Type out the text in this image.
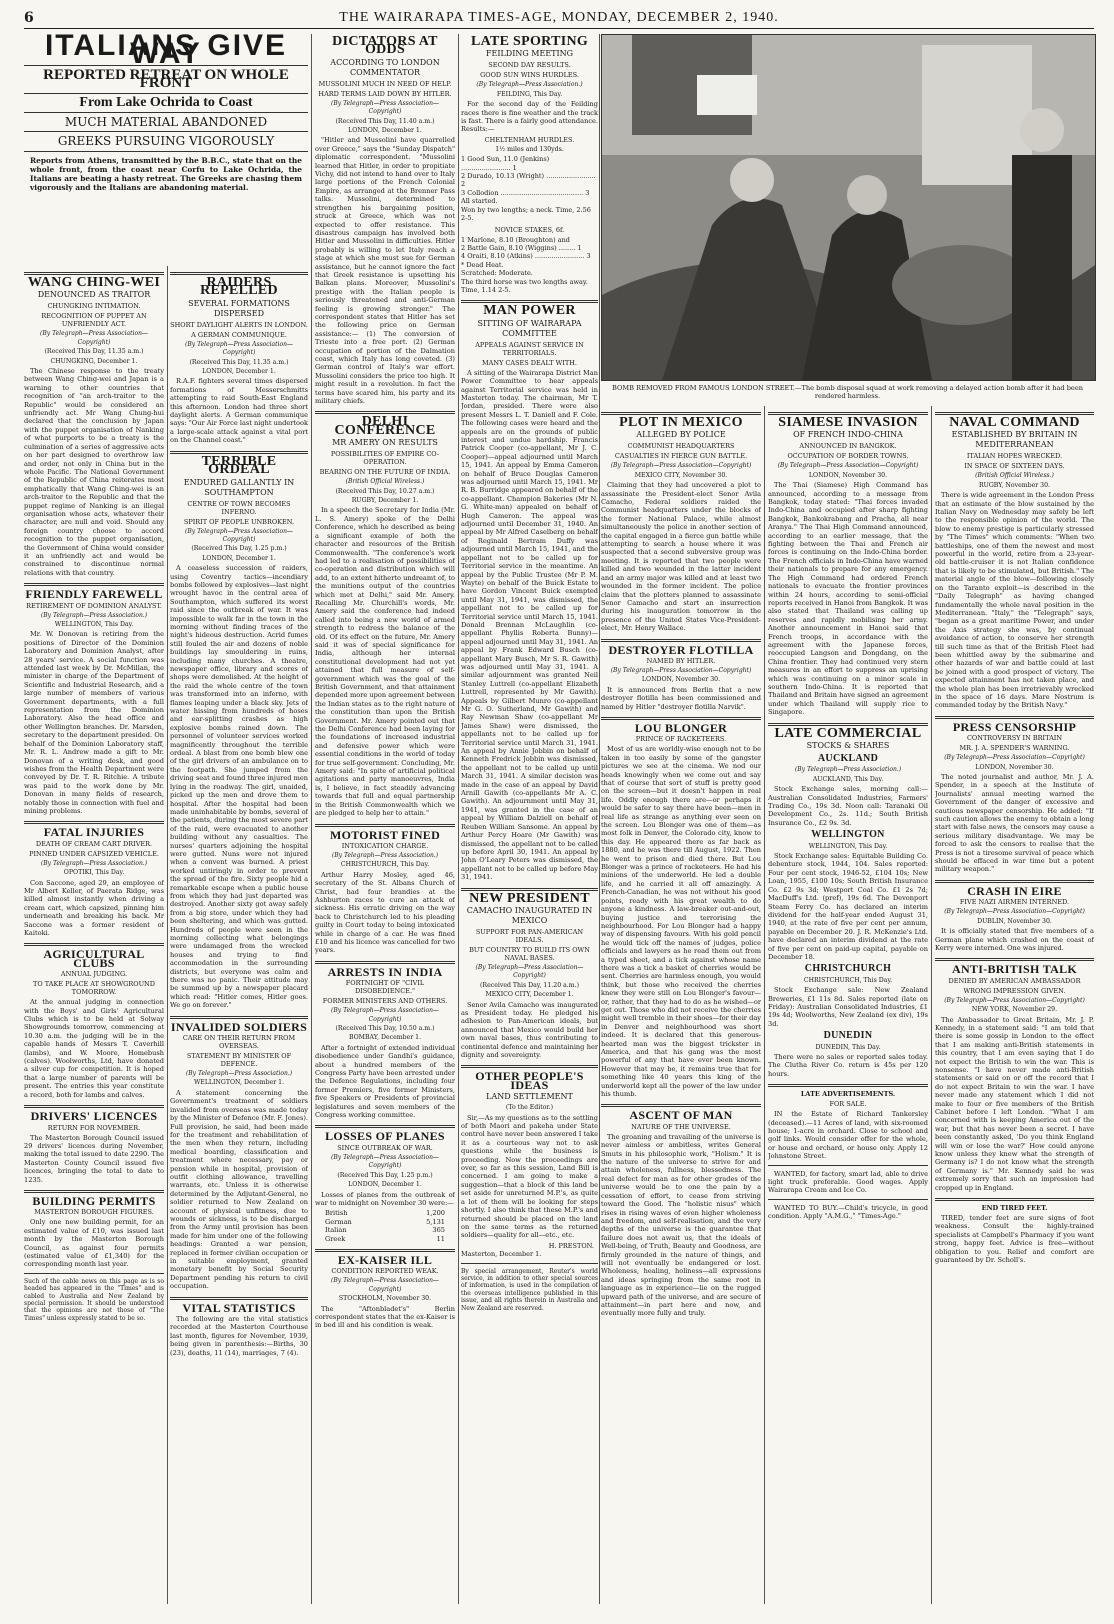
6	THE WAIRARAPA TIMES-AGE, MONDAY, DECEMBER 2, 1940.
ITALIANS GIVE WAY
REPORTED RETREAT ON WHOLE FRONT
From Lake Ochrida to Coast
MUCH MATERIAL ABANDONED
GREEKS PURSUING VIGOROUSLY
Reports from Athens, transmitted by the B.B.C., state that on the whole front, from the coast near Corfu to Lake Ochrida, the Italians are beating a hasty retreat. The Greeks are chasing them vigorously and the Italians are abandoning material.
WANG CHING-WEI
DENOUNCED AS TRAITOR
CHUNGKING INTIMATION.
RECOGNITION OF PUPPET AN UNFRIENDLY ACT.
(By Telegraph—Press Association—Copyright)
(Received This Day, 11.35 a.m.)
CHUNGKING, December 1.

The Chinese response to the treaty between Wang Ching-wei and Japan is a warning to other countries that recognition of "an arch-traitor to the Republic" would be considered an unfriendly act. Mr Wang Chung-hui declared that the conclusion by Japan with the puppet organisation of Nanking of what purports to be a treaty is the culmination of a series of aggressive acts on her part designed to overthrow law and order, not only in China but in the whole Pacific. The National Government of the Republic of China reiterates most emphatically that Wang Ching-wei is an arch-traitor to the Republic and that the puppet regime of Nanking is an illegal organisation whose acts, whatever their character, are null and void. Should any foreign country choose to accord recognition to the puppet organisation, the Government of China would consider it an unfriendly act and would be constrained to discontinue normal relations with that country.

FRIENDLY FAREWELL
RETIREMENT OF DOMINION ANALYST.
(By Telegraph—Press Association.)
WELLINGTON, This Day.

Mr. W. Donovan is retiring from the positions of Director of the Dominion Laboratory and Dominion Analyst, after 28 years' service. A social function was attended last week by Dr. McMillan, the minister in charge of the Department of Scientific and Industrial Research, and a large number of members of various Government departments, with a full representation from the Dominion Laboratory. Also the head office and other Wellington branches. Dr. Marsden, secretary to the department presided. On behalf of the Dominion Laboratory staff, Mr. R. L. Andrew made a gift to Mr. Donovan of a writing desk, and good wishes from the Health Department were conveyed by Dr. T. R. Ritchie. A tribute was paid to the work done by Mr. Donovan in many fields of research, notably those in connection with fuel and mining problems.

FATAL INJURIES
DEATH OF CREAM CART DRIVER.
PINNED UNDER CAPSIZED VEHICLE.
(By Telegraph—Press Association.)
OPOTIKI, This Day.

Con Saccone, aged 29, an employee of Mr Albert Keller, of Paerata Ridge, was killed almost instantly when driving a cream cart, which capsized, pinning him underneath and breaking his back. Mr Saccone was a former resident of Kaitoki.

AGRICULTURAL CLUBS
ANNUAL JUDGING.
TO TAKE PLACE AT SHOWGROUND TOMORROW.

At the annual judging in connection with the Boys' and Girls' Agricultural Clubs which is to be held at Solway Showgrounds tomorrow, commencing at 10.30 a.m. the judging will be in the capable hands of Messrs T. Caverhill (lambs), and W. Moore, Homebush (calves). Woolworths, Ltd, have donated a silver cup for competition. It is hoped that a large number of parents will be present. The entries this year constitute a record, both for lambs and calves.

DRIVERS' LICENCES
RETURN FOR NOVEMBER.

The Masterton Borough Council issued 29 drivers' licences during November, making the total issued to date 2290. The Masterton County Council issued five licences, bringing the total to date to 1235.

BUILDING PERMITS
MASTERTON BOROUGH FIGURES.

Only one new building permit, for an estimated value of £10, was issued last month by the Masterton Borough Council, as against four permits (estimated value of £1,340) for the corresponding month last year.

Such of the cable news on this page as is so headed has appeared in the "Times" and is cabled to Australia and New Zealand by special permission. It should be understood that the opinions are not those of "The Times" unless expressly stated to be so.
RAIDERS REPELLED
SEVERAL FORMATIONS DISPERSED
SHORT DAYLIGHT ALERTS IN LONDON.
A GERMAN COMMUNIQUE.
(By Telegraph—Press Association—Copyright)
(Received This Day, 11.35 a.m.)
LONDON, December 1.

R.A.F. fighters several times dispersed formations of Messerschmitts attempting to raid South-East England this afternoon. London had three short daylight alerts. A German communique says: "Our Air Force last night undertook a large-scale attack against a vital port on the Channel coast."

TERRIBLE ORDEAL
ENDURED GALLANTLY IN SOUTHAMPTON
CENTRE OF TOWN BECOMES INFERNO.
SPIRIT OF PEOPLE UNBROKEN.
(By Telegraph—Press Association—Copyright)
(Received This Day, 1.25 p.m.)
LONDON, December 1.

A ceaseless succession of raiders, using Coventry tactics—incendiary bombs followed by explosives—last night wrought havoc in the central area of Southampton, which suffered its worst raid since the outbreak of war. It was impossible to walk far in the town in the morning without finding traces of the night's hideous destruction. Acrid fumes still fouled the air and dozens of noble buildings lay smouldering in ruins, including many churches. A theatre, newspaper office, library and scores of shops were demolished. At the height of the raid the whole centre of the town was transformed into an inferno, with flames leaping under a black sky. Jets of water hissing from hundreds of hoses and ear-splitting crashes as high explosive bombs rained down. The personnel of volunteer services worked magnificently throughout the terrible ordeal. A blast from one bomb blew one of the girl drivers of an ambulance on to the footpath. She jumped from the driving seat and found three injured men lying in the roadway. The girl, unaided, picked up the men and drove them to hospital. After the hospital had been made uninhabitable by bombs, several of the patients, during the most severe part of the raid, were evacuated to another building without any casualties. The nurses' quarters adjoining the hospital were gutted. Nuns were not injured when a convent was burned. A priest worked untiringly in order to prevent the spread of the fire. Sixty people hid a remarkable escape when a public house from which they had just departed was destroyed. Another sixty got away safely from a big store, under which they had been sheltering, and which was gutted. Hundreds of people were seen in the morning collecting what belongings were undamaged from the wrecked houses and trying to find accommodation in the surrounding districts, but everyone was calm and there was no panic. Their attitude may be summed up by a newspaper placard which read: "Hitler comes, Hitler goes. We go on forever."

INVALIDED SOLDIERS
CARE ON THEIR RETURN FROM OVERSEAS.
STATEMENT BY MINISTER OF DEFENCE.
(By Telegraph—Press Association.)
WELLINGTON, December 1.

A statement concerning the Government's treatment of soldiers invalided from overseas was made today by the Minister of Defence (Mr. F. Jones). Full provision, he said, had been made for the treatment and rehabilitation of the men when they return, including medical boarding, classification and treatment where necessary, pay or pension while in hospital, provision of outfit clothing allowance, travelling warrants, etc. Unless it is otherwise determined by the Adjutant-General, no soldier returned to New Zealand on account of physical unfitness, due to wounds or sickness, is to be discharged from the Army until provision has been made for him under one of the following headings: Granted a war pension, replaced in former civilian occupation or in suitable employment, granted monetary benefit by Social Security Department pending his return to civil occupation.

VITAL STATISTICS

The following are the vital statistics recorded at the Masterton Courthouse last month, figures for November, 1939, being given in parenthesis:—Births, 30 (23), deaths, 11 (14), marriages, 7 (4).

DICTATORS AT ODDS
ACCORDING TO LONDON COMMENTATOR
MUSSOLINI MUCH IN NEED OF HELP.
HARD TERMS LAID DOWN BY HITLER.
(By Telegraph—Press Association—Copyright)
(Received This Day, 11.40 a.m.)
LONDON, December 1.

"Hitler and Mussolini have quarrelled over Greece," says the "Sunday Dispatch" diplomatic correspondent. "Mussolini learned that Hitler, in order to propitiate Vichy, did not intend to hand over to Italy large portions of the French Colonial Empire, as arranged at the Brenner Pass talks. Mussolini, determined to strengthen his bargaining position, struck at Greece, which was not expected to offer resistance. This disastrous campaign has involved both Hitler and Mussolini in difficulties. Hitler probably is willing to let Italy reach a stage at which she must sue for German assistance, but he cannot ignore the fact that Greek resistance is upsetting his Balkan plans. Moreover, Mussolini's prestige with the Italian people is seriously threatened and anti-German feeling is growing stronger." The correspondent states that Hitler has set the following price on German assistance:— (1) The conversion of Trieste into a free port. (2) German occupation of portion of the Dalmation coast, which Italy has long coveted. (3) German control of Italy's war effort. Mussolini considers the price too high. It might result in a revolution. In fact the terms have scared him, his party and its military chiefs.

DELHI CONFERENCE
MR AMERY ON RESULTS
POSSIBILITIES OF EMPIRE CO-OPERATION.
BEARING ON THE FUTURE OF INDIA.
(British Official Wireless.)
(Received This Day, 10.27 a.m.)
RUGBY, December 1.

In a speech the Secretary for India (Mr. L. S. Amery) spoke of the Delhi Conference, which he described as being a significant example of both the character and resources of the British Commonwealth. "The conference's work had led to a realisation of possibilities of co-operation and distribution which will add, to an extent hitherto undreamt of, to the munitions output of the countries which met at Delhi," said Mr. Amery. Recalling Mr. Churchill's words, Mr. Amery said the conference had indeed called into being a new world of armed strength to redress the balance of the old. Of its effect on the future, Mr. Amery said it was of special significance for India, although her internal constitutional development had not yet attained that full measure of self-government which was the goal of the British Government, and that attainment depended more upon agreement between the Indian states as to the right nature of the constitution than upon the British Government. Mr. Amery pointed out that the Delhi Conference had been laying for the foundations of increased industrial and defensive power which were essential conditions in the world of today for true self-government. Concluding, Mr. Amery said: "In spite of artificial political agitations and party manoeuvres, India is, I believe, in fact steadily advancing towards that full and equal partnership in the British Commonwealth which we are pledged to help her to attain."

MOTORIST FINED
INTOXICATION CHARGE.
(By Telegraph—Press Association.)
CHRISTCHURCH, This Day.

Arthur Harry Mosley, aged 46, secretary of the St. Albans Church of Christ, had four brandies at the Ashburton races to cure an attack of sickness. His erratic driving on the way back to Christchurch led to his pleading guilty in Court today to being intoxicated while in charge of a car. He was fined £10 and his licence was cancelled for two years.

ARRESTS IN INDIA
FORTNIGHT OF "CIVIL DISOBEDIENCE."
FORMER MINISTERS AND OTHERS.
(By Telegraph—Press Association—Copyright)
(Received This Day, 10.50 a.m.)
BOMBAY, December 1.

After a fortnight of extended individual disobedience under Gandhi's guidance, about a hundred members of the Congress Party have been arrested under the Defence Regulations, including four former Premiers, five former Ministers, five Speakers or Presidents of provincial legislatures and seven members of the Congress working committee.

LOSSES OF PLANES
SINCE OUTBREAK OF WAR.
(By Telegraph—Press Association—Copyright)
(Received This Day, 1.25 p.m.)
LONDON, December 1.

Losses of planes from the outbreak of war to midnight on November 30 were:—

British	1,200
German	5,131
Italian	365
Greek	11
EX-KAISER ILL
CONDITION REPORTED WEAK.
(By Telegraph—Press Association—Copyright)
STOCKHOLM, November 30.

The "Aftonbladet's" Berlin correspondent states that the ex-Kaiser is in bed ill and his condition is weak.

LATE SPORTING
FEILDING MEETING
SECOND DAY RESULTS.
GOOD SUN WINS HURDLES.
(By Telegraph—Press Association.)
FEILDING, This Day.

For the second day of the Feilding races there is fine weather and the track is fast. There is a fairly good attendance. Results:—

CHELTENHAM HURDLES.
1½ miles and 130yds.
1 Good Sun, 11.0 (Jenkins) ........................ 1
2 Durado, 10.13 (Wright) ........................ 2
3 Collodion ........................................ 3
All started.
Won by two lengths; a neck. Time, 2.56 2-5.
NOVICE STAKES, 6f.
1 Marlone, 8.10 (Broughton) and
2 Battle Gain, 8.10 (Wiggins) ........ 1
4 Oraiti, 8.10 (Atkins) ........................ 3
* Dead Heat.
Scratched: Moderate.
The third horse was two lengths away. Time, 1.14 2-5.
MAN POWER
SITTING OF WAIRARAPA COMMITTEE
APPEALS AGAINST SERVICE IN TERRITORIALS.
MANY CASES DEALT WITH.

A sitting of the Wairarapa District Man Power Committee to hear appeals against Territorial service was held in Masterton today. The chairman, Mr T. Jordan, presided. There were also present Messrs L. T. Daniell and F. Cole. The following cases were heard and the appeals are on the grounds of public interest and undue hardship. Francis Patrick Cooper (co-appellant, Mr J. C. Cooper)—appeal adjourned until March 15, 1941. An appeal by Emma Cameron on behalf of Bruce Douglas Cameron was adjourned until March 15, 1941. Mr R. B. Burridge appeared on behalf of the co-appellant. Champion Bakeries (Mr N. G. White-man) appealed on behalf of Hugh Cameron. The appeal was adjourned until December 31, 1940. An appeal by Mr Alfred Caselberg on behalf of Reginald Bertram Duffy was adjourned until March 15, 1941, and the appellant not to be called up for Territorial service in the meantime. An appeal by the Public Trustee (Mr P. M. Wayte) on behalf of the Buick Estate to have Gordon Vincent Buick exempted until May 31, 1941, was dismissed, the appellant not to be called up for Territorial service until March 15, 1941. Donald Brennan McLaughlin (co-appellant Phyllis Roberta Bunny)—appeal adjourned until May 31, 1941. An appeal by Frank Edward Busch (co-appellant Mary Busch, Mr S. R. Gawith) was adjourned until May 31, 1941. A similar adjournment was granted Neil Stanley Luttrell (co-appellant Elizabeth Luttrell, represented by Mr Gawith). Appeals by Gilbert Munro (co-appellant Mr G. O. Sutherland, Mr Gawith) and Ray Newman Shaw (co-appellant Mr James Shaw) were dismissed, the appellants not to be called up for Territorial service until March 31, 1941. An appeal by Annie Jobbin on behalf of Kenneth Fredrick Jobbin was dismissed, the appellant not to be called up until March 31, 1941. A similar decision was made in the case of an appeal by David Arnill Gawith (co-appellants Mr A. C. Gawith). An adjournment until May 31, 1941, was granted in the case of an appeal by William Dalziell on behalf of Reuben William Sansome. An appeal by Arthur Percy Hoare (Mr Gawith) was dismissed, the appellant not to be called up before April 30, 1941. An appeal by John O'Leary Peters was dismissed, the appellant not to be called up before May 31, 1941.

NEW PRESIDENT
CAMACHO INAUGURATED IN MEXICO
SUPPORT FOR PAN-AMERICAN IDEALS.
BUT COUNTRY TO BUILD ITS OWN NAVAL BASES.
(By Telegraph—Press Association—Copyright)
(Received This Day, 11.20 a.m.)
MEXICO CITY, December 1.

Senor Avila Camacho was inaugurated as President today. He pledged his adhesion to Pan-American ideals, but announced that Mexico would build her own naval bases, thus contributing to continental defence and maintaining her dignity and sovereignty.

OTHER PEOPLE'S IDEAS
LAND SETTLEMENT
(To the Editor.)

Sir,—As my questions as to the settling of both Maori and pakeha under State control have never been answered I take it as a courteous way not to ask questions while the business is proceeding. Now the proceedings are over, so far as this session, Land Bill is concerned. I am going to make a suggestion—that a block of this land be set aside for unreturned M.P.'s, as quite a lot of them will be looking for steps shortly. I also think that these M.P.'s and returned should be placed on the land on the same terms as the returned soldiers—quality for all—etc., etc.

H. PRESTON.
Masterton, December 1.
By special arrangement, Reuter's world service, in addition to other special sources of information, is used in the compilation of the overseas intelligence published in this issue, and all rights therein in Australia and New Zealand are reserved.
BOMB REMOVED FROM FAMOUS LONDON STREET.—The bomb disposal squad at work removing a delayed action bomb after it had been rendered harmless.
PLOT IN MEXICO
ALLEGED BY POLICE
COMMUNIST HEADQUARTERS
CASUALTIES IN FIERCE GUN BATTLE.
(By Telegraph—Press Association—Copyright)
MEXICO CITY, November 30.

Claiming that they had uncovered a plot to assassinate the President-elect Senor Avila Camacho, Federal soldiers raided the Communist headquarters under the blocks of the former National Palace, while almost simultaneously the police in another section of the capital engaged in a fierce gun battle while attempting to search a house where it was suspected that a second subversive group was meeting. It is reported that two people were killed and two wounded in the latter incident and an army major was killed and at least two wounded in the former incident. The police claim that the plotters planned to assassinate Senor Camacho and start an insurrection during his inauguration tomorrow in the presence of the United States Vice-President-elect, Mr. Henry Wallace.

DESTROYER FLOTILLA
NAMED BY HITLER.
(By Telegraph—Press Association—Copyright)
LONDON, November 30.

It is announced from Berlin that a new destroyer flotilla has been commissioned and named by Hitler "destroyer flotilla Narvik".

LOU BLONGER
PRINCE OF RACKETEERS.

Most of us are worldly-wise enough not to be taken in too easily by some of the gangster pictures we see at the cinema. We nod our heads knowingly when we come out and say that of course that sort of stuff is pretty good on the screen—but it doesn't happen in real life. Oddly enough there are—or perhaps it would be safer to say there have been—men in real life as strange as anything ever seen on the screen. Lou Blonger was one of them—as most folk in Denver, the Colorado city, know to this day. He appeared there as far back as 1880, and he was there till August, 1922. Then he went to prison and died there. But Lou Blonger was a prince of racketeers. He had his minions of the underworld. He led a double life, and he carried it all off amazingly. A French-Canadian, he was not without his good points, ready with his great wealth to do anyone a kindness. A law-breaker out-and-out, buying justice and terrorising the neighbourhood. For Lou Blonger had a happy way of dispensing favours. With his gold pencil he would tick off the names of judges, police officials and lawyers as he read them out from a typed sheet, and a tick against whose name there was a tick a basket of cherries would be sent. Cherries are harmless enough, you would think, but those who received the cherries knew they were still on Lou Blonger's favour—or, rather, that they had to do as he wished—or get out. Those who did not receive the cherries might well tremble in their shoes—for their day in Denver and neighbourhood was short indeed. It is declared that this generous-hearted man was the biggest trickster in America, and that his gang was the most powerful of any that have ever been known. However that may be, it remains true that for something like 40 years this king of the underworld kept all the power of the law under his thumb.

ASCENT OF MAN
NATURE OF THE UNIVERSE.

The groaning and travailing of the universe is never aimless or ambitless, writes General Smuts in his philosophic work, "Holism." It is the nature of the universe to strive for and attain wholeness, fullness, blessedness. The real defect for man as for other grades of the universe would be to one the pain by a cessation of effort, to cease from striving toward the Good. The "holistic nisus" which rises in rising waves of even higher wholeness and freedom, and self-realisation, and the very depths of the universe is the guarantee that failure does not await us, that the ideals of Well-being, of Truth, Beauty and Goodness, are firmly grounded in the nature of things, and will not eventually be endangered or lost. Wholeness, healing, holiness—all expressions and ideas springing from the same root in language as in experience—lie on the rugged upward path of the universe, and are secure of attainment—in part here and now, and eventually more fully and truly.

SIAMESE INVASION
OF FRENCH INDO-CHINA
ANNOUNCED IN BANGKOK.
OCCUPATION OF BORDER TOWNS.
(By Telegraph—Press Association—Copyright)
LONDON, November 30.

The Thai (Siamese) High Command has announced, according to a message from Bangkok, today stated: "Thai forces invaded Indo-China and occupied after sharp fighting Bangkok, Bankokrabang and Pracha, all near Aranya." The Thai High Command announced, according to an earlier message, that the fighting between the Thai and French air forces is continuing on the Indo-China border. The French officials in Indo-China have warned their nationals to prepare for any emergency. The High Command had ordered French nationals to evacuate the frontier provinces within 24 hours, according to semi-official reports received in Hanoi from Bangkok. It was also stated that Thailand was calling up reserves and rapidly mobilising her army. Another announcement in Hanoi said that French troops, in accordance with the agreement with the Japanese forces, reoccupied Langson and Dongdang, on the China frontier. They had continued very stern measures in an effort to suppress an uprising which was continuing on a minor scale in southern Indo-China. It is reported that Thailand and Britain have signed an agreement under which Thailand will supply rice to Singapore.

LATE COMMERCIAL
STOCKS & SHARES
AUCKLAND
(By Telegraph—Press Association.)
AUCKLAND, This Day.

Stock Exchange sales, morning call:—Australian Consolidated Industries, Farmers' Trading Co., 19s 3d. Noon call: Taranaki Oil Development Co., 2s. 11d.; South British Insurance Co., £2 9s. 3d.

WELLINGTON
WELLINGTON, This Day.

Stock Exchange sales: Equitable Building Co. debenture stock, 1944, 104. Sales reported: Four per cent stock, 1946-52, £104 10s; New Loan, 1955, £100 10s; South British Insurance Co. £2 9s 3d; Westport Coal Co. £1 2s 7d; MacDuff's Ltd. (pref), 19s 6d. The Devonport Steam Ferry Co. has declared an interim dividend for the half-year ended August 31, 1940, at the rate of five per cent per annum, payable on December 20. J. R. McKenzie's Ltd. have declared an interim dividend at the rate of five per cent on paid-up capital, payable on December 18.

CHRISTCHURCH
CHRISTCHURCH, This Day.

Stock Exchange sale: New Zealand Breweries, £1 11s 8d. Sales reported (late on Friday): Australian Consolidated Industries, £1 19s 4d; Woolworths, New Zealand (ex div), 19s 3d.

DUNEDIN
DUNEDIN, This Day.

There were no sales or reported sales today. The Clutha River Co. return is 45s per 120 hours.

LATE ADVERTISEMENTS.
FOR SALE.

IN the Estate of Richard Tankersley (deceased).—11 Acres of land, with six-roomed house; 1-acre in orchard. Close to school and golf links. Would consider offer for the whole, or house and orchard, or house only. Apply 12 Johnstone Street.

WANTED, for factory, smart lad, able to drive light truck preferable. Good wages. Apply Wairarapa Cream and Ice Co.

WANTED TO BUY.—Child's tricycle, in good condition. Apply "A.M.G.," "Times-Age."

NAVAL COMMAND
ESTABLISHED BY BRITAIN IN MEDITERRANEAN
ITALIAN HOPES WRECKED.
IN SPACE OF SIXTEEN DAYS.
(British Official Wireless.)
RUGBY, November 30.

There is wide agreement in the London Press that an estimate of the blow sustained by the Italian Navy on Wednesday may safely be left to the responsible opinion of the world. The blow to enemy prestige is particularly stressed by "The Times" which comments: "When two battleships, one of them the newest and most powerful in the world, retire from a 23-year-old battle-cruiser it is not Italian confidence that is likely to be stimulated, but British." The material angle of the blow—following closely on the Taranto exploit—is described in the "Daily Telegraph" as having changed fundamentally the whole naval position in the Mediterranean. "Italy," the "Telegraph" says, "began as a great maritime Power, and under the Axis strategy she was, by continual avoidance of action, to conserve her strength till such time as that of the British Fleet had been whittled away by the submarine and other hazards of war and battle could at last be joined with a good prospect of victory. The expected attainment has not taken place, and the whole plan has been irretrievably wrecked in the space of 16 days. Mare Nostrum is commanded today by the British Navy."

PRESS CENSORSHIP
CONTROVERSY IN BRITAIN
MR. J. A. SPENDER'S WARNING.
(By Telegraph—Press Association—Copyright)
LONDON, November 30.

The noted journalist and author, Mr. J. A. Spender, in a speech at the Institute of Journalists' annual meeting warned the Government of the danger of excessive and cautious newspaper censorship. He added: "If such caution allows the enemy to obtain a long start with false news, the censors may cause a serious military disadvantage. We may be forced to ask the censors to realise that the Press is not a tiresome survival of peace which should be effaced in war time but a potent military weapon."

CRASH IN EIRE
FIVE NAZI AIRMEN INTERNED.
(By Telegraph—Press Association—Copyright)
DUBLIN, November 30.

It is officially stated that five members of a German plane which crashed on the coast of Kerry were interned. One was injured.

ANTI-BRITISH TALK
DENIED BY AMERICAN AMBASSADOR
WRONG IMPRESSION GIVEN.
(By Telegraph—Press Association—Copyright)
NEW YORK, November 29.

The Ambassador to Great Britain, Mr. J. P. Kennedy, in a statement said: "I am told that there is some gossip in London to the effect that I am making anti-British statements in this country, that I am even saying that I do not expect the British to win the war. This is nonsense. "I have never made anti-British statements or said on or off the record that I do not expect Britain to win the war. I have never made any statement which I did not make to four or five members of the British Cabinet before I left London. "What I am concerned with is keeping America out of the war, but that has never been a secret. I have been constantly asked, 'Do you think England will win or lose the war?' How could anyone know unless they knew what the strength of Germany is? I do not know what the strength of Germany is." Mr. Kennedy said he was extremely sorry that such an impression had cropped up in England.

END TIRED FEET.

TIRED, tender feet are sure signs of foot weakness. Consult the highly-trained specialists at Campbell's Pharmacy if you want strong, happy feet. Advice is free—without obligation to you. Relief and comfort are guaranteed by Dr. Scholl's.
